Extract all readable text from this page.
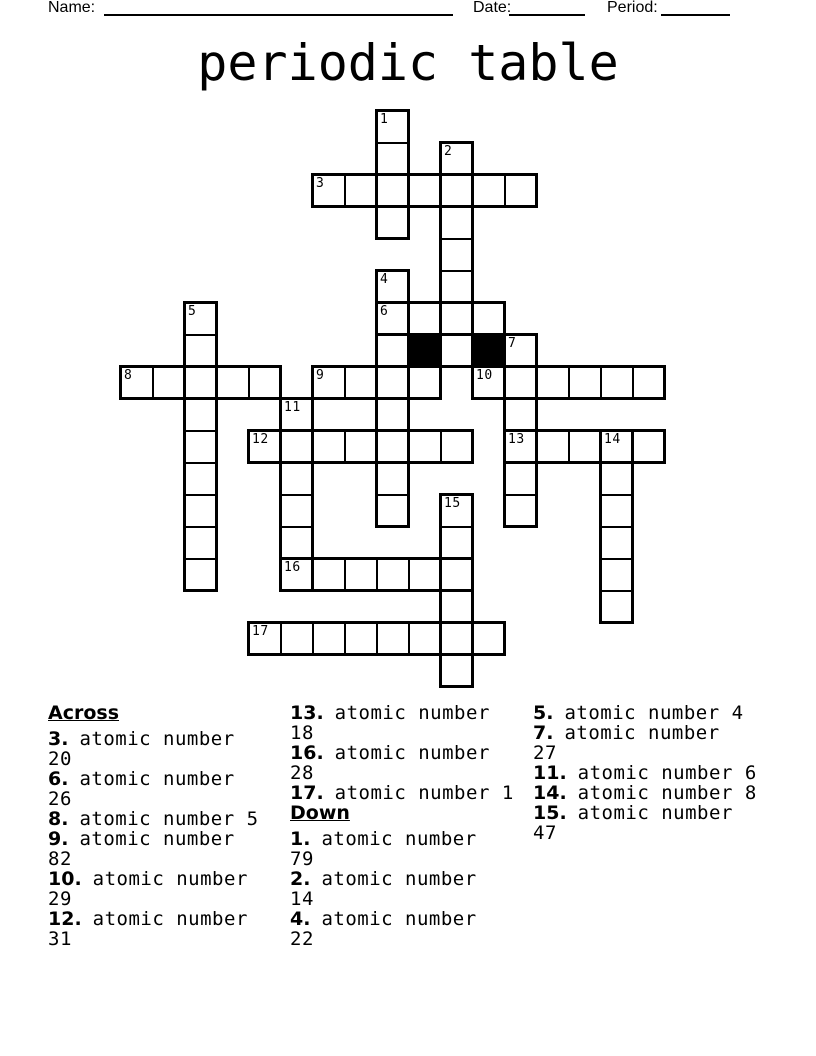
Name:	Date:	Period:
periodic table
1
2
3
4
5	6
7
8	9	10
11
12	13	14
15
16
17
Across
3. atomic number
20
6. atomic number
26
8. atomic number 5
9. atomic number
82
10. atomic number
29
12. atomic number
31
13. atomic number
18
16. atomic number
28
17. atomic number 1
Down
1. atomic number
79
2. atomic number
14
4. atomic number
22
5. atomic number 4
7. atomic number
27
11. atomic number 6
14. atomic number 8
15. atomic number
47
